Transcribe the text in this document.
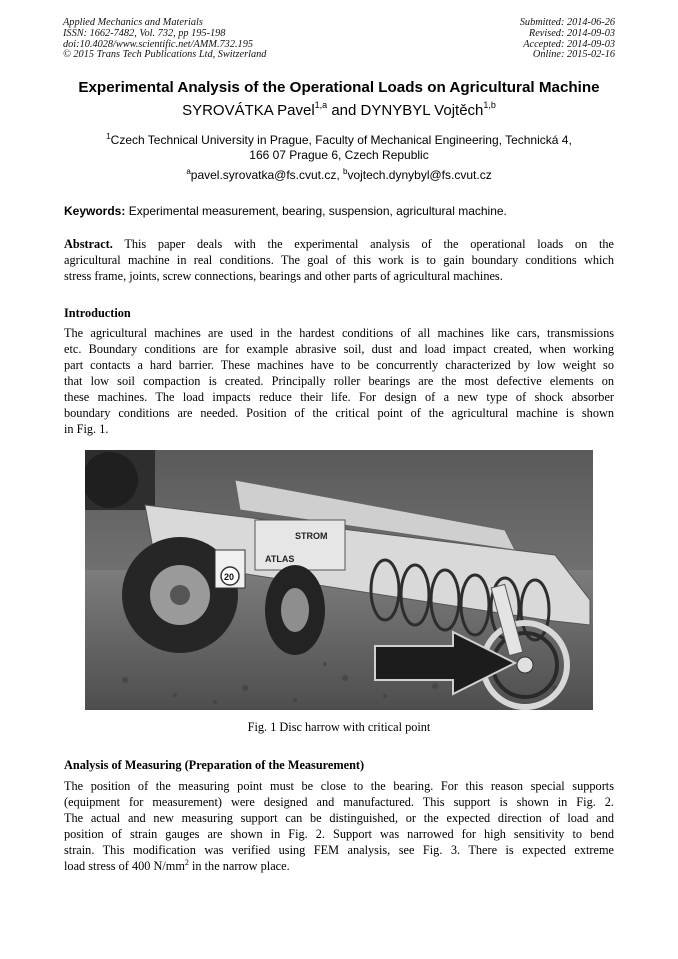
Applied Mechanics and Materials
ISSN: 1662-7482, Vol. 732, pp 195-198
doi:10.4028/www.scientific.net/AMM.732.195
© 2015 Trans Tech Publications Ltd, Switzerland
Submitted: 2014-06-26
Revised: 2014-09-03
Accepted: 2014-09-03
Online: 2015-02-16
Experimental Analysis of the Operational Loads on Agricultural Machine
SYROVÁTKA Pavel$^{1,a}$ and DYNYBYL Vojtěch$^{1,b}$
$^1$Czech Technical University in Prague, Faculty of Mechanical Engineering, Technická 4,
166 07 Prague 6, Czech Republic
$^a$pavel.syrovatka@fs.cvut.cz, $^b$vojtech.dynybyl@fs.cvut.cz
Keywords: Experimental measurement, bearing, suspension, agricultural machine.
Abstract. This paper deals with the experimental analysis of the operational loads on the
agricultural machine in real conditions. The goal of this work is to gain boundary conditions which
stress frame, joints, screw connections, bearings and other parts of agricultural machines.
Introduction
The agricultural machines are used in the hardest conditions of all machines like cars, transmissions
etc. Boundary conditions are for example abrasive soil, dust and load impact created, when working
part contacts a hard barrier. These machines have to be concurrently characterized by low weight so
that low soil compaction is created. Principally roller bearings are the most defective elements on
these machines. The load impacts reduce their life. For design of a new type of shock absorber
boundary conditions are needed. Position of the critical point of the agricultural machine is shown
in Fig. 1.
STROM
ATLAS
20
Fig. 1 Disc harrow with critical point
Analysis of Measuring (Preparation of the Measurement)
The position of the measuring point must be close to the bearing. For this reason special supports
(equipment for measurement) were designed and manufactured. This support is shown in Fig. 2.
The actual and new measuring support can be distinguished, or the expected direction of load and
position of strain gauges are shown in Fig. 2. Support was narrowed for high sensitivity to bend
strain. This modification was verified using FEM analysis, see Fig. 3. There is expected extreme
load stress of 400 $N/mm^2$ in the narrow place.
